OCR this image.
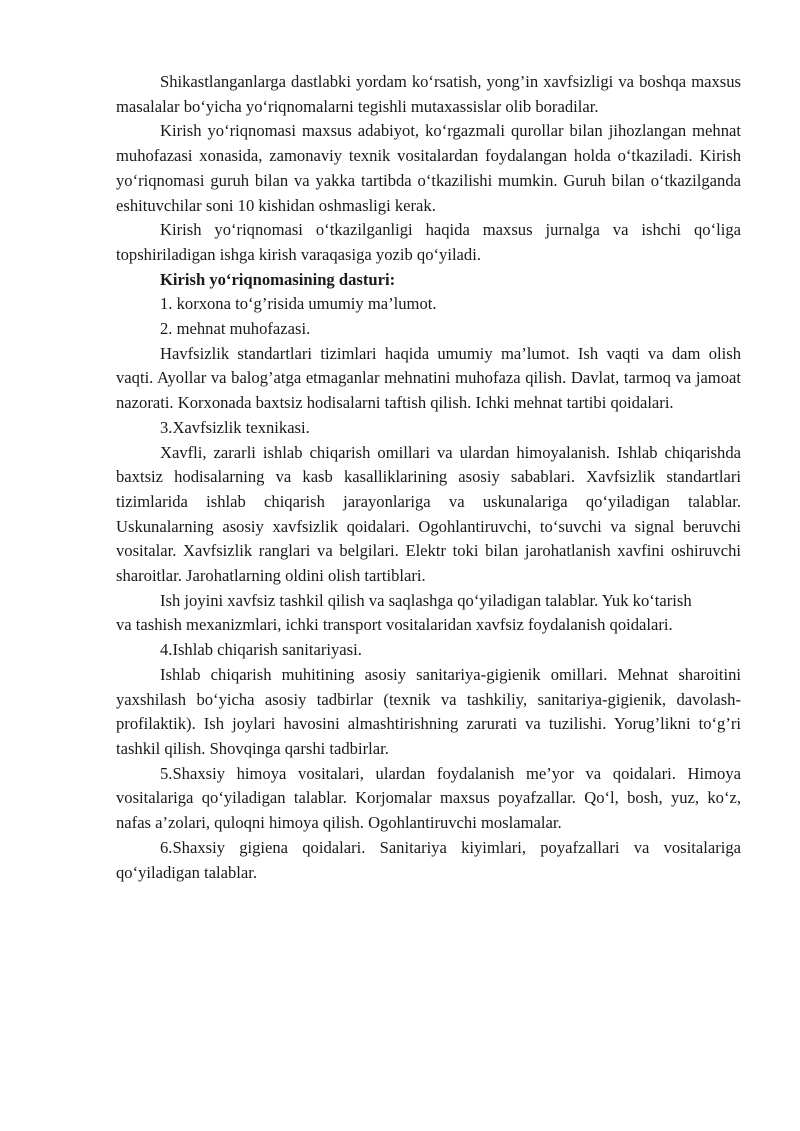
Shikastlanganlarga dastlabki yordam ko‘rsatish, yong’in xavfsizligi va boshqa maxsus masalalar bo‘yicha yo‘riqnomalarni tegishli mutaxassislar olib boradilar.

Kirish yo‘riqnomasi maxsus adabiyot, ko‘rgazmali qurollar bilan jihozlangan mehnat muhofazasi xonasida, zamonaviy texnik vositalardan foydalangan holda o‘tkaziladi. Kirish yo‘riqnomasi guruh bilan va yakka tartibda o‘tkazilishi mumkin. Guruh bilan o‘tkazilganda eshituvchilar soni 10 kishidan oshmasligi kerak.

Kirish yo‘riqnomasi o‘tkazilganligi haqida maxsus jurnalga va ishchi qo‘liga topshiriladigan ishga kirish varaqasiga yozib qo‘yiladi.

Kirish yo‘riqnomasining dasturi:

1. korxona to‘g’risida umumiy ma’lumot.

2. mehnat muhofazasi.

Havfsizlik standartlari tizimlari haqida umumiy ma’lumot. Ish vaqti va dam olish vaqti. Ayollar va balog’atga etmaganlar mehnatini muhofaza qilish. Davlat, tarmoq va jamoat nazorati. Korxonada baxtsiz hodisalarni taftish qilish. Ichki mehnat tartibi qoidalari.

3.Xavfsizlik texnikasi.

Xavfli, zararli ishlab chiqarish omillari va ulardan himoyalanish. Ishlab chiqarishda baxtsiz hodisalarning va kasb kasalliklarining asosiy sabablari. Xavfsizlik standartlari tizimlarida ishlab chiqarish jarayonlariga va uskunalariga qo‘yiladigan talablar. Uskunalarning asosiy xavfsizlik qoidalari. Ogohlantiruvchi, to‘suvchi va signal beruvchi vositalar. Xavfsizlik ranglari va belgilari. Elektr toki bilan jarohatlanish xavfini oshiruvchi sharoitlar. Jarohatlarning oldini olish tartiblari.

Ish joyini xavfsiz tashkil qilish va saqlashga qo‘yiladigan talablar. Yuk ko‘tarish va tashish mexanizmlari, ichki transport vositalaridan xavfsiz foydalanish qoidalari.

4.Ishlab chiqarish sanitariyasi.

Ishlab chiqarish muhitining asosiy sanitariya-gigienik omillari. Mehnat sharoitini yaxshilash bo‘yicha asosiy tadbirlar (texnik va tashkiliy, sanitariya-gigienik, davolash-profilaktik). Ish joylari havosini almashtirishning zarurati va tuzilishi. Yorug’likni to‘g’ri tashkil qilish. Shovqinga qarshi tadbirlar.

5.Shaxsiy himoya vositalari, ulardan foydalanish me’yor va qoidalari. Himoya vositalariga qo‘yiladigan talablar. Korjomalar maxsus poyafzallar. Qo‘l, bosh, yuz, ko‘z, nafas a’zolari, quloqni himoya qilish. Ogohlantiruvchi moslamalar.

6.Shaxsiy gigiena qoidalari. Sanitariya kiyimlari, poyafzallari va vositalariga qo‘yiladigan talablar.
